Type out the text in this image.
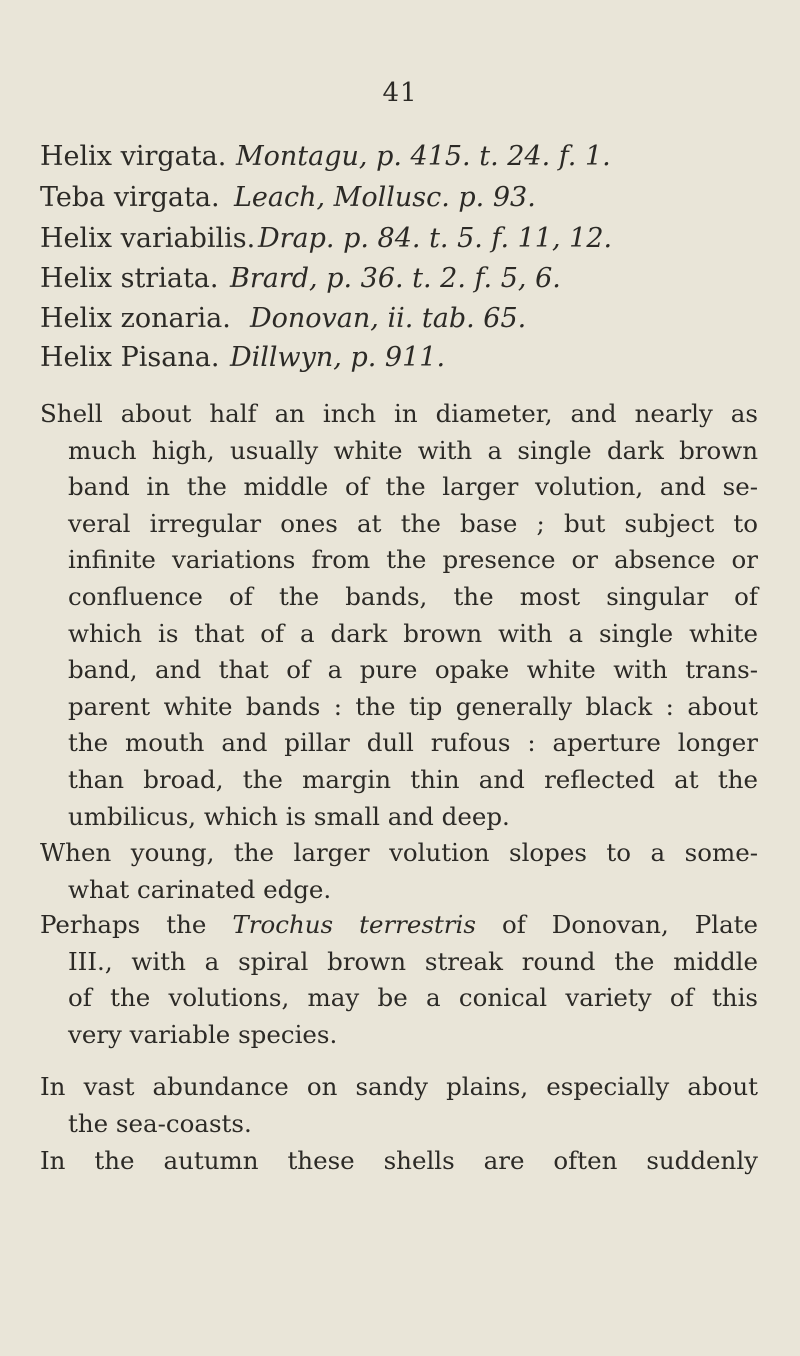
41
Helix virgata. Montagu, p. 415. t. 24. f. 1.
Teba virgata. Leach, Mollusc. p. 93.
Helix variabilis. Drap. p. 84. t. 5. f. 11, 12.
Helix striata. Brard, p. 36. t. 2. f. 5, 6.
Helix zonaria. Donovan, ii. tab. 65.
Helix Pisana. Dillwyn, p. 911.
Shell about half an inch in diameter, and nearly as
much high, usually white with a single dark brown
band in the middle of the larger volution, and se-
veral irregular ones at the base ; but subject to
infinite variations from the presence or absence or
confluence of the bands, the most singular of
which is that of a dark brown with a single white
band, and that of a pure opake white with trans-
parent white bands : the tip generally black : about
the mouth and pillar dull rufous : aperture longer
than broad, the margin thin and reflected at the
umbilicus, which is small and deep.
When young, the larger volution slopes to a some-
what carinated edge.
Perhaps the Trochus terrestris of Donovan, Plate
III., with a spiral brown streak round the middle
of the volutions, may be a conical variety of this
very variable species.
In vast abundance on sandy plains, especially about
the sea-coasts.
In the autumn these shells are often suddenly
